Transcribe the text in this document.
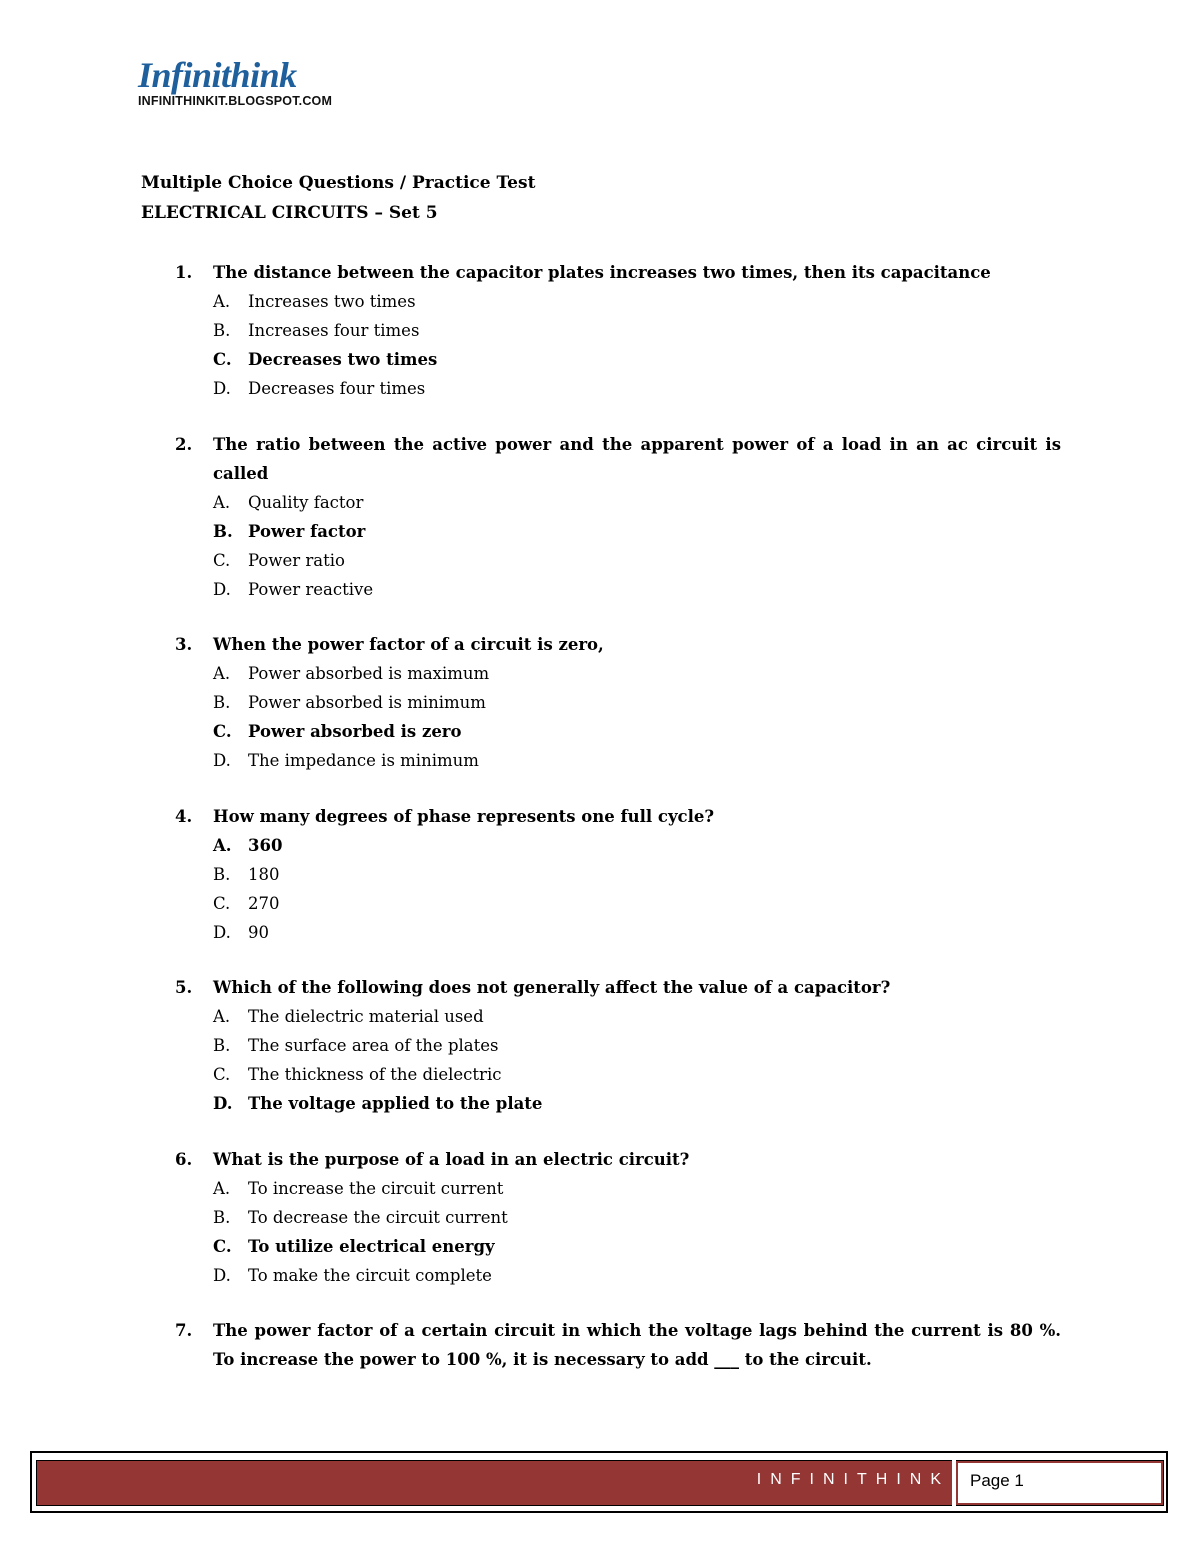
Infinithink
INFINITHINKIT.BLOGSPOT.COM
Multiple Choice Questions / Practice Test
ELECTRICAL CIRCUITS – Set 5
1.	The distance between the capacitor plates increases two times, then its capacitance
A.	Increases two times
B.	Increases four times
C. Decreases two times
D.	Decreases four times
2.	The ratio between the active power and the apparent power of a load in an ac circuit is called
A.	Quality factor
B. Power factor
C.	Power ratio
D.	Power reactive
3.	When the power factor of a circuit is zero,
A.	Power absorbed is maximum
B.	Power absorbed is minimum
C. Power absorbed is zero
D.	The impedance is minimum
4.	How many degrees of phase represents one full cycle?
A. 360
B.	180
C.	270
D.	90
5.	Which of the following does not generally affect the value of a capacitor?
A.	The dielectric material used
B.	The surface area of the plates
C.	The thickness of the dielectric
D. The voltage applied to the plate
6.	What is the purpose of a load in an electric circuit?
A.	To increase the circuit current
B.	To decrease the circuit current
C. To utilize electrical energy
D.	To make the circuit complete
7.	The power factor of a certain circuit in which the voltage lags behind the current is 80 %. To increase the power to 100 %, it is necessary to add ___ to the circuit.
INFINITHINK Page 1
